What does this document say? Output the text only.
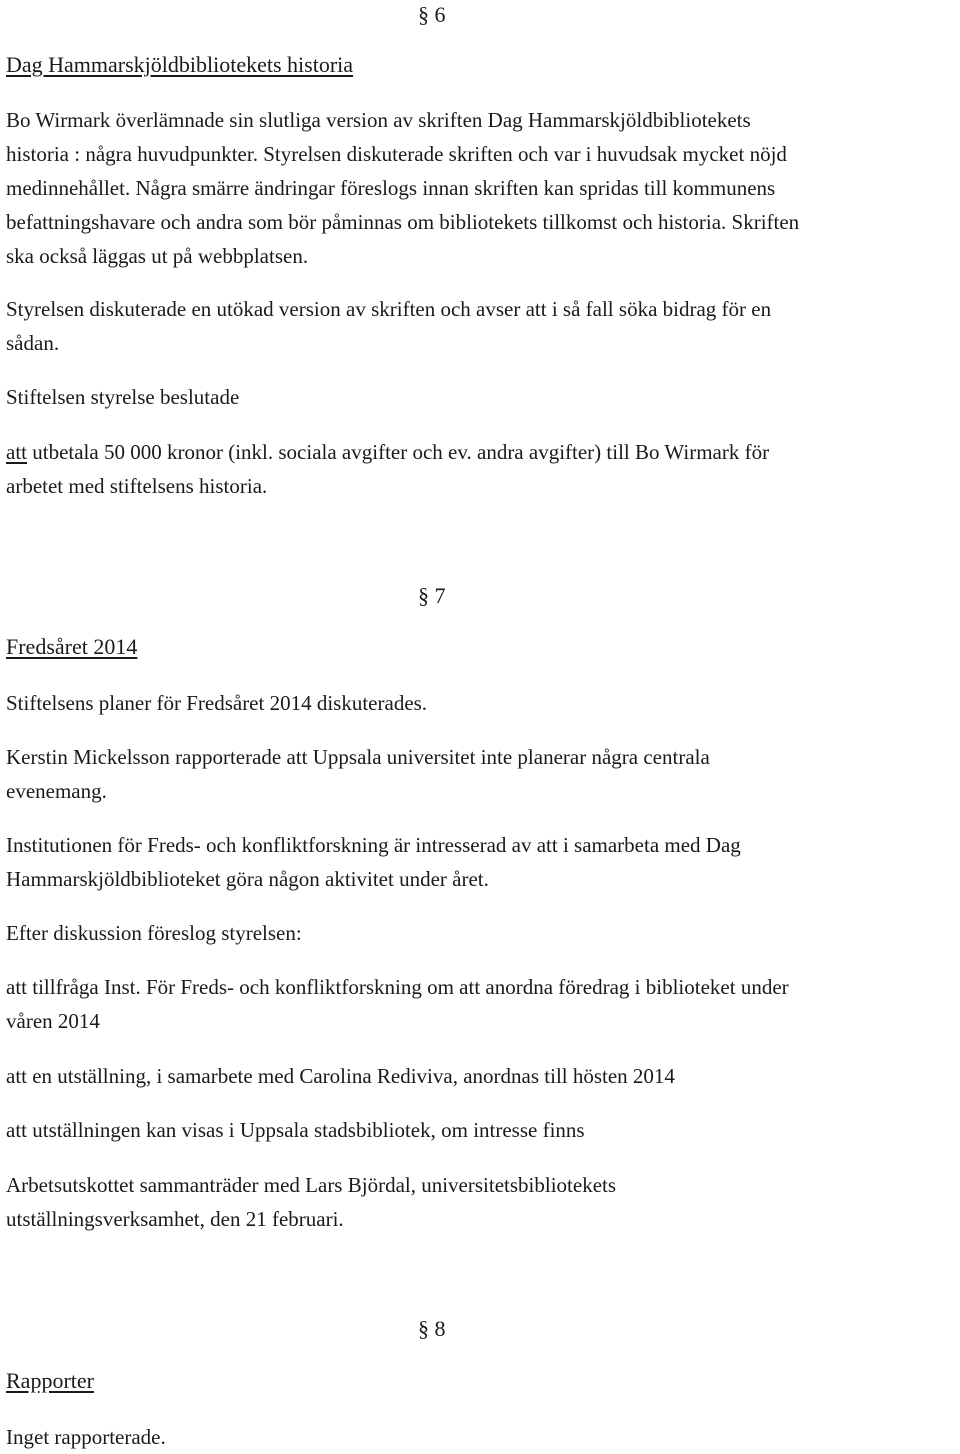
§ 6
Dag Hammarskjöldbibliotekets historia

Bo Wirmark överlämnade sin slutliga version av skriften Dag Hammarskjöldbibliotekets
historia : några huvudpunkter. Styrelsen diskuterade skriften och var i huvudsak mycket nöjd
medinnehållet. Några smärre ändringar föreslogs innan skriften kan spridas till kommunens
befattningshavare och andra som bör påminnas om bibliotekets tillkomst och historia. Skriften
ska också läggas ut på webbplatsen.

Styrelsen diskuterade en utökad version av skriften och avser att i så fall söka bidrag för en
sådan.

Stiftelsen styrelse beslutade

att utbetala 50 000 kronor (inkl. sociala avgifter och ev. andra avgifter) till Bo Wirmark för
arbetet med stiftelsens historia.

§ 7
Fredsåret 2014

Stiftelsens planer för Fredsåret 2014 diskuterades.

Kerstin Mickelsson rapporterade att Uppsala universitet inte planerar några centrala
evenemang.

Institutionen för Freds- och konfliktforskning är intresserad av att i samarbeta med Dag
Hammarskjöldbiblioteket göra någon aktivitet under året.

Efter diskussion föreslog styrelsen:

att tillfråga Inst. För Freds- och konfliktforskning om att anordna föredrag i biblioteket under
våren 2014

att en utställning, i samarbete med Carolina Rediviva, anordnas till hösten 2014

att utställningen kan visas i Uppsala stadsbibliotek, om intresse finns

Arbetsutskottet sammanträder med Lars Björdal, universitetsbibliotekets
utställningsverksamhet, den 21 februari.

§ 8
Rapporter

Inget rapporterade.
